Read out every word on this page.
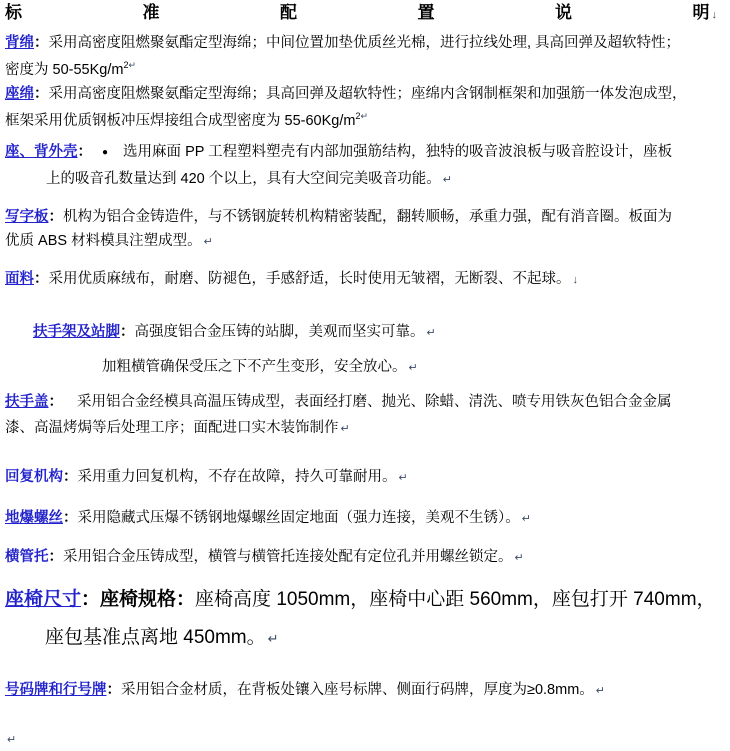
标	准	配	置	说	明 ↓
背绵：采用高密度阻燃聚氨酯定型海绵；中间位置加垫优质丝光棉，进行拉线处理, 具高回弹及超软特性；
密度为 $50-55Kg/m^{2↵}$
座绵：采用高密度阻燃聚氨酯定型海绵；具高回弹及超软特性；座绵内含钢制框架和加强筋一体发泡成型，
框架采用优质钢板冲压焊接组合成型密度为 $55-60Kg/m^{2↵}$
座、背外壳： ● 选用麻面 PP 工程塑料塑壳有内部加强筋结构，独特的吸音波浪板与吸音腔设计，座板
上的吸音孔数量达到 420 个以上，具有大空间完美吸音功能。 ↵
写字板：机构为铝合金铸造件，与不锈钢旋转机构精密装配，翻转顺畅，承重力强，配有消音圈。板面为
优质 ABS 材料模具注塑成型。 ↵
面料：采用优质麻绒布，耐磨、防褪色，手感舒适，长时使用无皱褶，无断裂、不起球。 ↓
扶手架及站脚：高强度铝合金压铸的站脚，美观而坚实可靠。 ↵
加粗横管确保受压之下不产生变形，安全放心。 ↵
扶手盖： 采用铝合金经模具高温压铸成型，表面经打磨、抛光、除蜡、清洗、喷专用铁灰色铝合金金属
漆、高温烤焗等后处理工序；面配进口实木装饰制作 ↵
回复机构：采用重力回复机构，不存在故障，持久可靠耐用。 ↵
地爆螺丝：采用隐藏式压爆不锈钢地爆螺丝固定地面（强力连接，美观不生锈）。 ↵
横管托：采用铝合金压铸成型，横管与横管托连接处配有定位孔并用螺丝锁定。 ↵
座椅尺寸：座椅规格：座椅高度 1050mm，座椅中心距 560mm，座包打开 740mm，
座包基准点离地 450mm。 ↵
号码牌和行号牌：采用铝合金材质，在背板处镶入座号标牌、侧面行码牌，厚度为≥0.8mm。 ↵
↵
